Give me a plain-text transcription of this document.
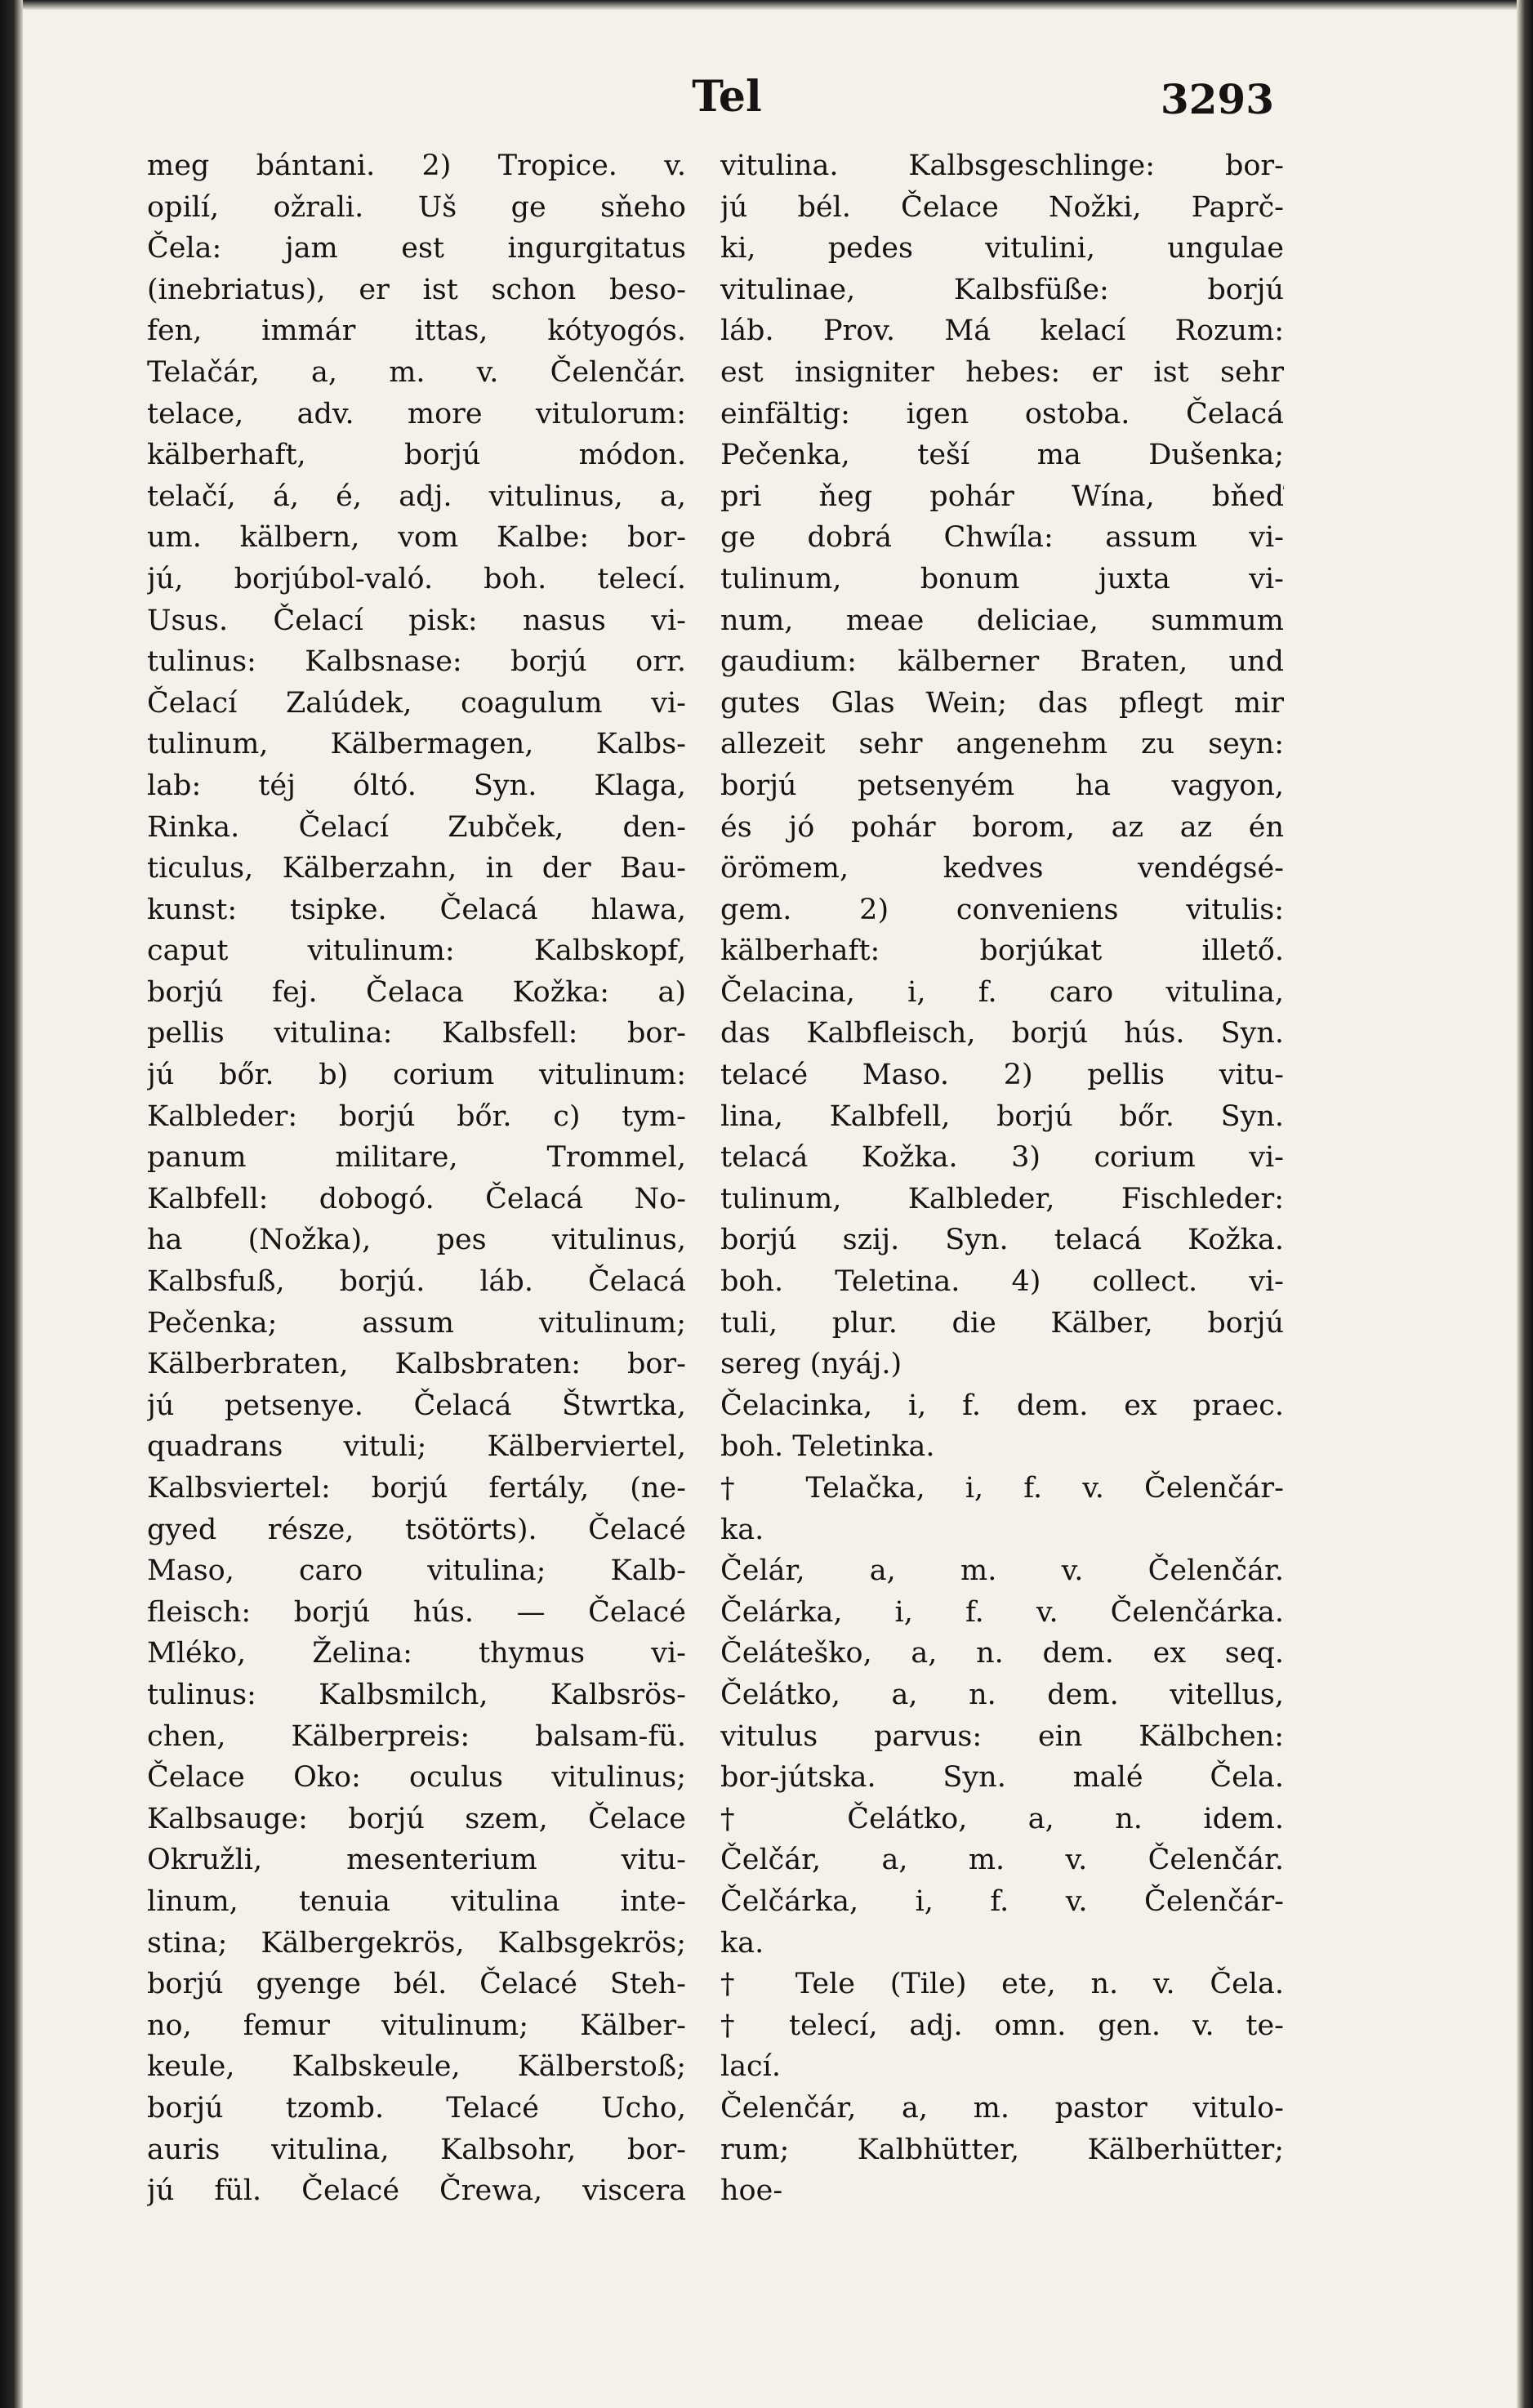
Tel	3293
meg bántani. 2) Tropice. v.
opilí, ožrali. Uš ge sňeho
Čela: jam est ingurgitatus
(inebriatus), er ist schon beso-
fen, immár ittas, kótyogós.
Telačár, a, m. v. Čelenčár.
telace, adv. more vitulorum:
kälberhaft, borjú módon.
telačí, á, é, adj. vitulinus, a,
um. kälbern, vom Kalbe: bor-
jú, borjúbol-való. boh. telecí.
Usus. Čelací pisk: nasus vi-
tulinus: Kalbsnase: borjú orr.
Čelací Zalúdek, coagulum vi-
tulinum, Kälbermagen, Kalbs-
lab: téj óltó. Syn. Klaga,
Rinka. Čelací Zubček, den-
ticulus, Kälberzahn, in der Bau-
kunst: tsipke. Čelacá hlawa,
caput vitulinum: Kalbskopf,
borjú fej. Čelaca Kožka: a)
pellis vitulina: Kalbsfell: bor-
jú bőr. b) corium vitulinum:
Kalbleder: borjú bőr. c) tym-
panum militare, Trommel,
Kalbfell: dobogó. Čelacá No-
ha (Nožka), pes vitulinus,
Kalbsfuß, borjú. láb. Čelacá
Pečenka; assum vitulinum;
Kälberbraten, Kalbsbraten: bor-
jú petsenye. Čelacá Štwrtka,
quadrans vituli; Kälberviertel,
Kalbsviertel: borjú fertály, (ne-
gyed része, tsötörts). Čelacé
Maso, caro vitulina; Kalb-
fleisch: borjú hús. — Čelacé
Mléko, Želina: thymus vi-
tulinus: Kalbsmilch, Kalbsrös-
chen, Kälberpreis: balsam-fü.
Čelace Oko: oculus vitulinus;
Kalbsauge: borjú szem, Čelace
Okružli, mesenterium vitu-
linum, tenuia vitulina inte-
stina; Kälbergekrös, Kalbsgekrös;
borjú gyenge bél. Čelacé Steh-
no, femur vitulinum; Kälber-
keule, Kalbskeule, Kälberstoß;
borjú tzomb. Telacé Ucho,
auris vitulina, Kalbsohr, bor-
jú fül. Čelacé Črewa, viscera
vitulina. Kalbsgeschlinge: bor-
jú bél. Čelace Nožki, Paprč-
ki, pedes vitulini, ungulae
vitulinae, Kalbsfüße: borjú
láb. Prov. Má kelací Rozum:
est insigniter hebes: er ist sehr
einfältig: igen ostoba. Čelacá
Pečenka, teší ma Dušenka;
pri ňeg pohár Wína, bňeď
ge dobrá Chwíla: assum vi-
tulinum, bonum juxta vi-
num, meae deliciae, summum
gaudium: kälberner Braten, und
gutes Glas Wein; das pflegt mir
allezeit sehr angenehm zu seyn:
borjú petsenyém ha vagyon,
és jó pohár borom, az az én
örömem, kedves vendégsé-
gem. 2) conveniens vitulis:
kälberhaft: borjúkat illető.
Čelacina, i, f. caro vitulina,
das Kalbfleisch, borjú hús. Syn.
telacé Maso. 2) pellis vitu-
lina, Kalbfell, borjú bőr. Syn.
telacá Kožka. 3) corium vi-
tulinum, Kalbleder, Fischleder:
borjú szij. Syn. telacá Kožka.
boh. Teletina. 4) collect. vi-
tuli, plur. die Kälber, borjú
sereg (nyáj.)
Čelacinka, i, f. dem. ex praec.
boh. Teletinka.
† Telačka, i, f. v. Čelenčár-
ka.
Čelár, a, m. v. Čelenčár.
Čelárka, i, f. v. Čelenčárka.
Čeláteško, a, n. dem. ex seq.
Čelátko, a, n. dem. vitellus,
vitulus parvus: ein Kälbchen:
bor-jútska. Syn. malé Čela.
† Čelátko, a, n. idem.
Čelčár, a, m. v. Čelenčár.
Čelčárka, i, f. v. Čelenčár-
ka.
† Tele (Tile) ete, n. v. Čela.
† telecí, adj. omn. gen. v. te-
lací.
Čelenčár, a, m. pastor vitulo-
rum; Kalbhütter, Kälberhütter;
hoe-
